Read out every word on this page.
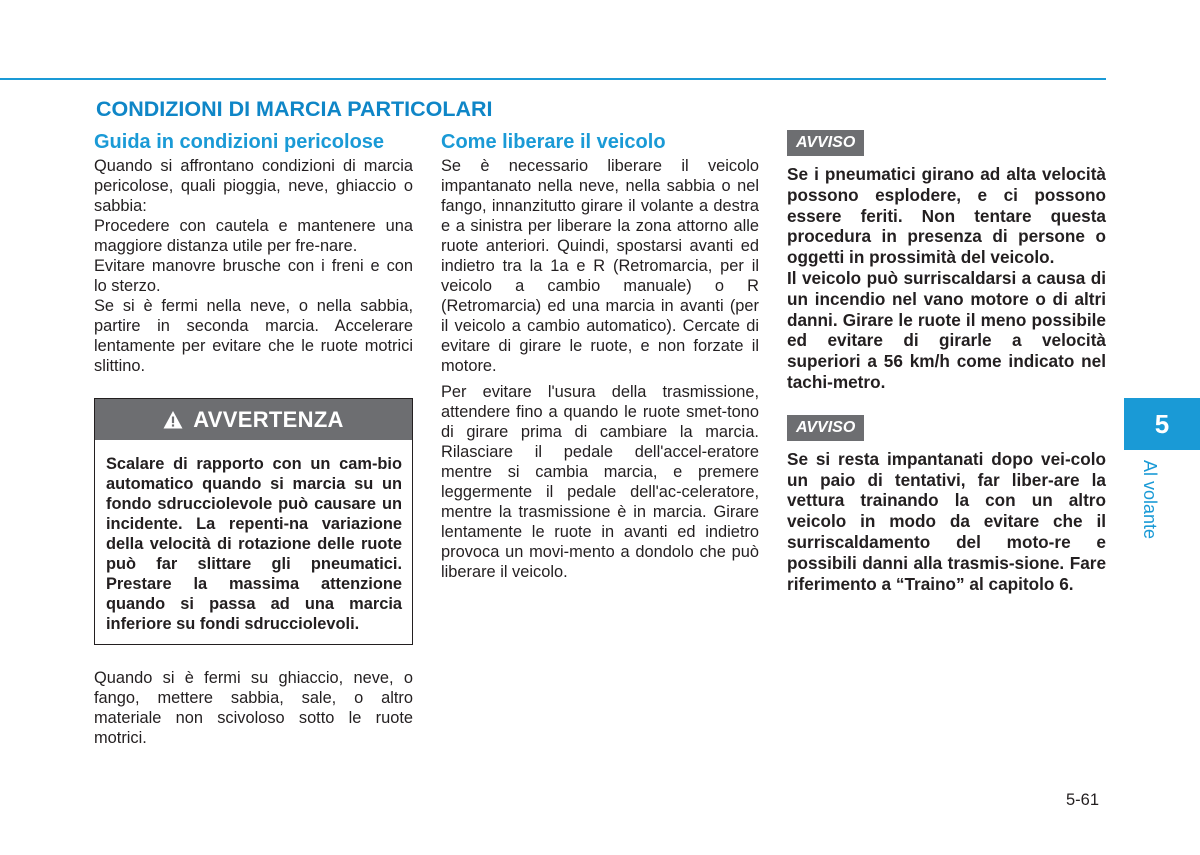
CONDIZIONI DI MARCIA PARTICOLARI
Guida in condizioni pericolose

Quando si affrontano condizioni di marcia pericolose, quali pioggia, neve, ghiaccio o sabbia:

Procedere con cautela e mantenere una maggiore distanza utile per fre-nare.

Evitare manovre brusche con i freni e con lo sterzo.

Se si è fermi nella neve, o nella sabbia, partire in seconda marcia. Accelerare lentamente per evitare che le ruote motrici slittino.

AVVERTENZA

Scalare di rapporto con un cam-bio automatico quando si marcia su un fondo sdrucciolevole può causare un incidente. La repenti-na variazione della velocità di rotazione delle ruote può far slittare gli pneumatici. Prestare la massima attenzione quando si passa ad una marcia inferiore su fondi sdrucciolevoli.

Quando si è fermi su ghiaccio, neve, o fango, mettere sabbia, sale, o altro materiale non scivoloso sotto le ruote motrici.

Come liberare il veicolo

Se è necessario liberare il veicolo impantanato nella neve, nella sabbia o nel fango, innanzitutto girare il volante a destra e a sinistra per liberare la zona attorno alle ruote anteriori. Quindi, spostarsi avanti ed indietro tra la 1a e R (Retromarcia, per il veicolo a cambio manuale) o R (Retromarcia) ed una marcia in avanti (per il veicolo a cambio automatico). Cercate di evitare di girare le ruote, e non forzate il motore.

Per evitare l'usura della trasmissione, attendere fino a quando le ruote smet-tono di girare prima di cambiare la marcia. Rilasciare il pedale dell'accel-eratore mentre si cambia marcia, e premere leggermente il pedale dell'ac-celeratore, mentre la trasmissione è in marcia. Girare lentamente le ruote in avanti ed indietro provoca un movi-mento a dondolo che può liberare il veicolo.

AVVISO

Se i pneumatici girano ad alta velocità possono esplodere, e ci possono essere feriti. Non tentare questa procedura in presenza di persone o oggetti in prossimità del veicolo.

Il veicolo può surriscaldarsi a causa di un incendio nel vano motore o di altri danni. Girare le ruote il meno possibile ed evitare di girarle a velocità superiori a 56 km/h come indicato nel tachi-metro.

AVVISO

Se si resta impantanati dopo vei-colo un paio di tentativi, far liber-are la vettura trainando la con un altro veicolo in modo da evitare che il surriscaldamento del moto-re e possibili danni alla trasmis-sione. Fare riferimento a “Traino” al capitolo 6.

5
Al volante
5-61
